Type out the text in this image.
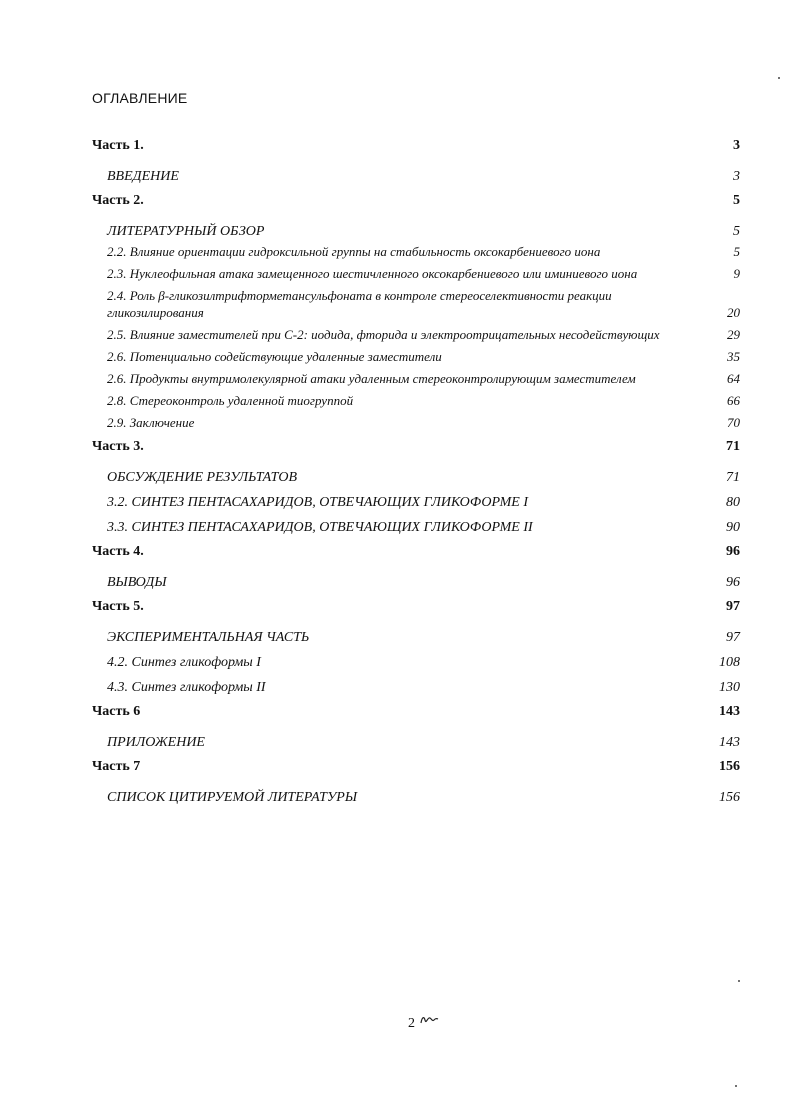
ОГЛАВЛЕНИЕ
Часть 1.	3
ВВЕДЕНИЕ	3
Часть 2.	5
ЛИТЕРАТУРНЫЙ ОБЗОР	5
2.2. Влияние ориентации гидроксильной группы на стабильность оксокарбениевого иона	5
2.3. Нуклеофильная атака замещенного шестичленного оксокарбениевого или иминиевого иона	9
2.4. Роль β-гликозилтрифторметансульфоната в контроле стереоселективности реакции гликозилирования	20
2.5. Влияние заместителей при С-2: иодида, фторида и электроотрицательных несодействующих	29
2.6. Потенциально содействующие удаленные заместители	35
2.6. Продукты внутримолекулярной атаки удаленным стереоконтролирующим заместителем	64
2.8. Стереоконтроль удаленной тиогруппой	66
2.9. Заключение	70
Часть 3.	71
ОБСУЖДЕНИЕ РЕЗУЛЬТАТОВ	71
3.2. СИНТЕЗ ПЕНТАСАХАРИДОВ, ОТВЕЧАЮЩИХ ГЛИКОФОРМЕ I	80
3.3. СИНТЕЗ ПЕНТАСАХАРИДОВ, ОТВЕЧАЮЩИХ ГЛИКОФОРМЕ II	90
Часть 4.	96
ВЫВОДЫ	96
Часть 5.	97
ЭКСПЕРИМЕНТАЛЬНАЯ ЧАСТЬ	97
4.2. Синтез гликоформы I	108
4.3. Синтез гликоформы II	130
Часть 6	143
ПРИЛОЖЕНИЕ	143
Часть 7	156
СПИСОК ЦИТИРУЕМОЙ ЛИТЕРАТУРЫ	156
2
